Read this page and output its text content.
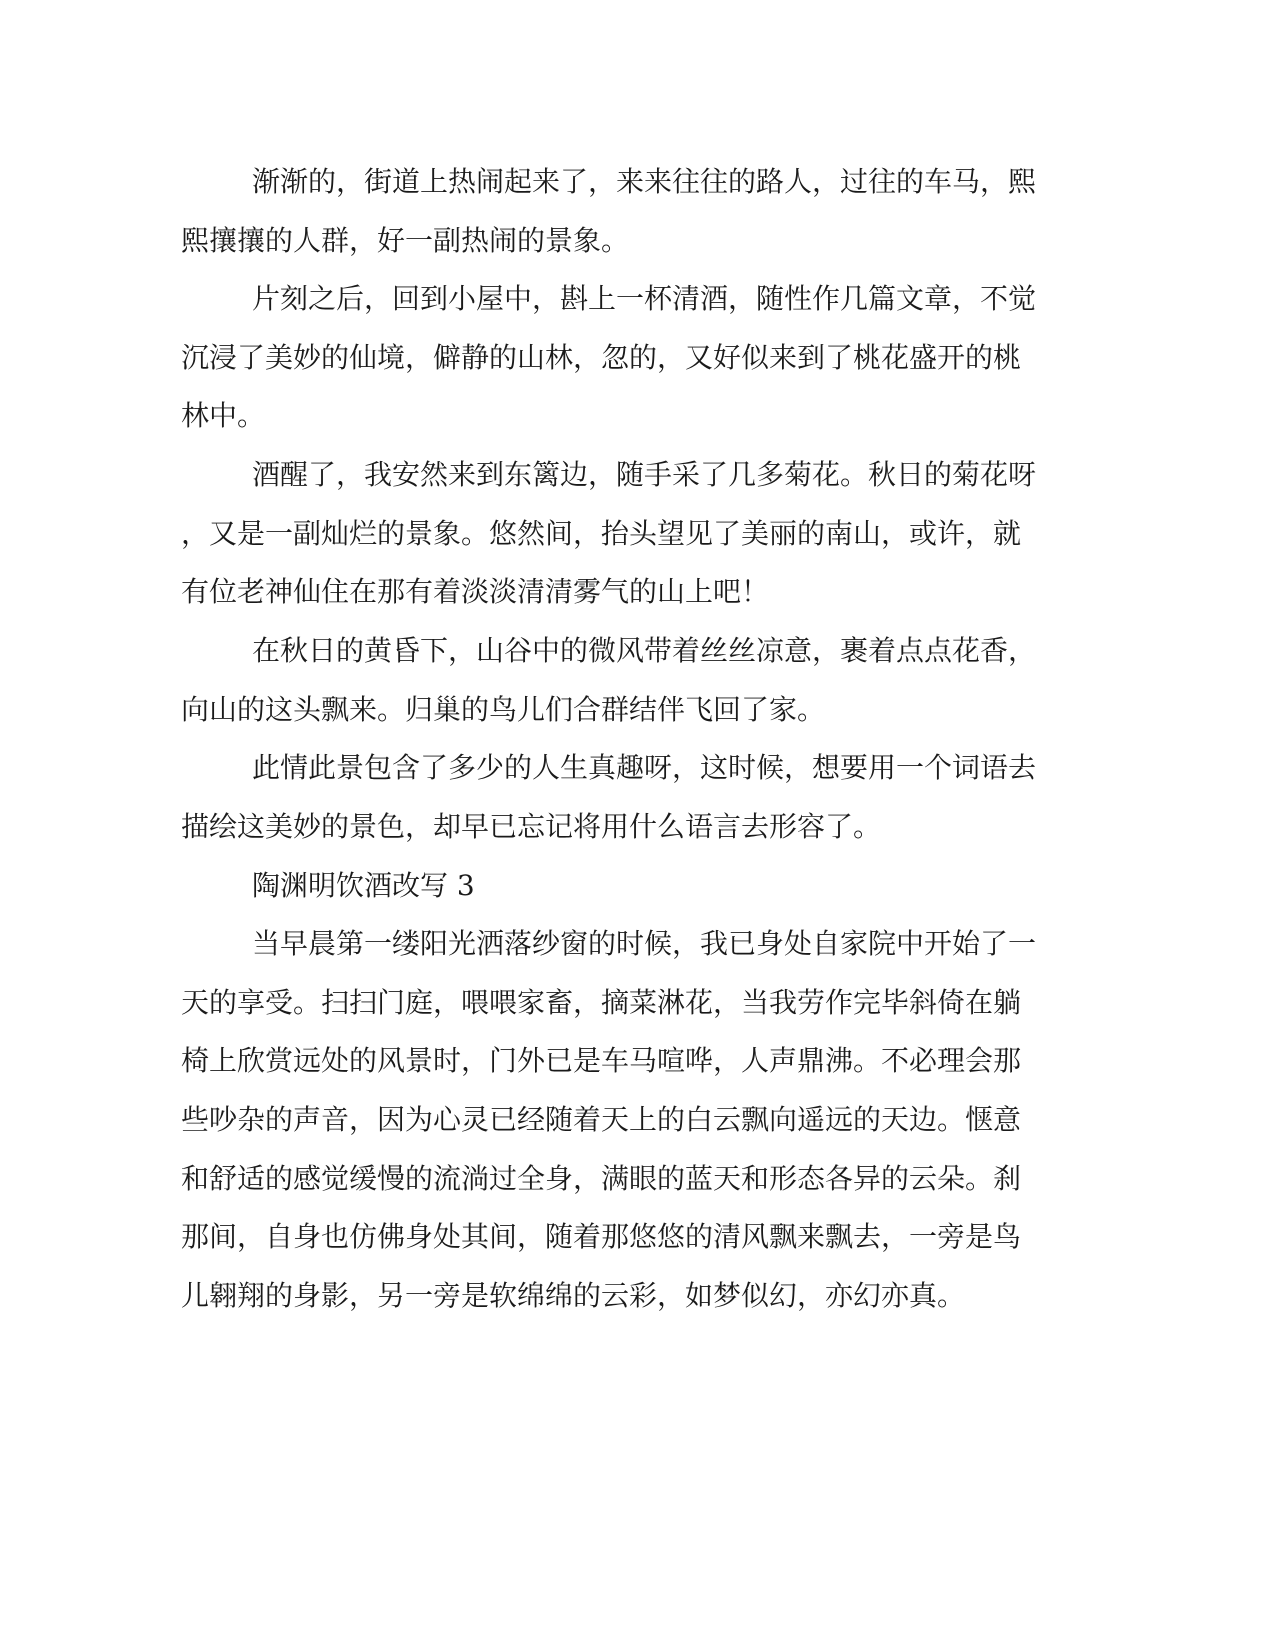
渐渐的，街道上热闹起来了，来来往往的路人，过往的车马，熙
熙攘攘的人群，好一副热闹的景象。
片刻之后，回到小屋中，斟上一杯清酒，随性作几篇文章，不觉
沉浸了美妙的仙境，僻静的山林，忽的，又好似来到了桃花盛开的桃
林中。
酒醒了，我安然来到东篱边，随手采了几多菊花。秋日的菊花呀
，又是一副灿烂的景象。悠然间，抬头望见了美丽的南山，或许，就
有位老神仙住在那有着淡淡清清雾气的山上吧！
在秋日的黄昏下，山谷中的微风带着丝丝凉意，裹着点点花香，
向山的这头飘来。归巢的鸟儿们合群结伴飞回了家。
此情此景包含了多少的人生真趣呀，这时候，想要用一个词语去
描绘这美妙的景色，却早已忘记将用什么语言去形容了。
陶渊明饮酒改写 3
当早晨第一缕阳光洒落纱窗的时候，我已身处自家院中开始了一
天的享受。扫扫门庭，喂喂家畜，摘菜淋花，当我劳作完毕斜倚在躺
椅上欣赏远处的风景时，门外已是车马喧哗，人声鼎沸。不必理会那
些吵杂的声音，因为心灵已经随着天上的白云飘向遥远的天边。惬意
和舒适的感觉缓慢的流淌过全身，满眼的蓝天和形态各异的云朵。刹
那间，自身也仿佛身处其间，随着那悠悠的清风飘来飘去，一旁是鸟
儿翱翔的身影，另一旁是软绵绵的云彩，如梦似幻，亦幻亦真。
